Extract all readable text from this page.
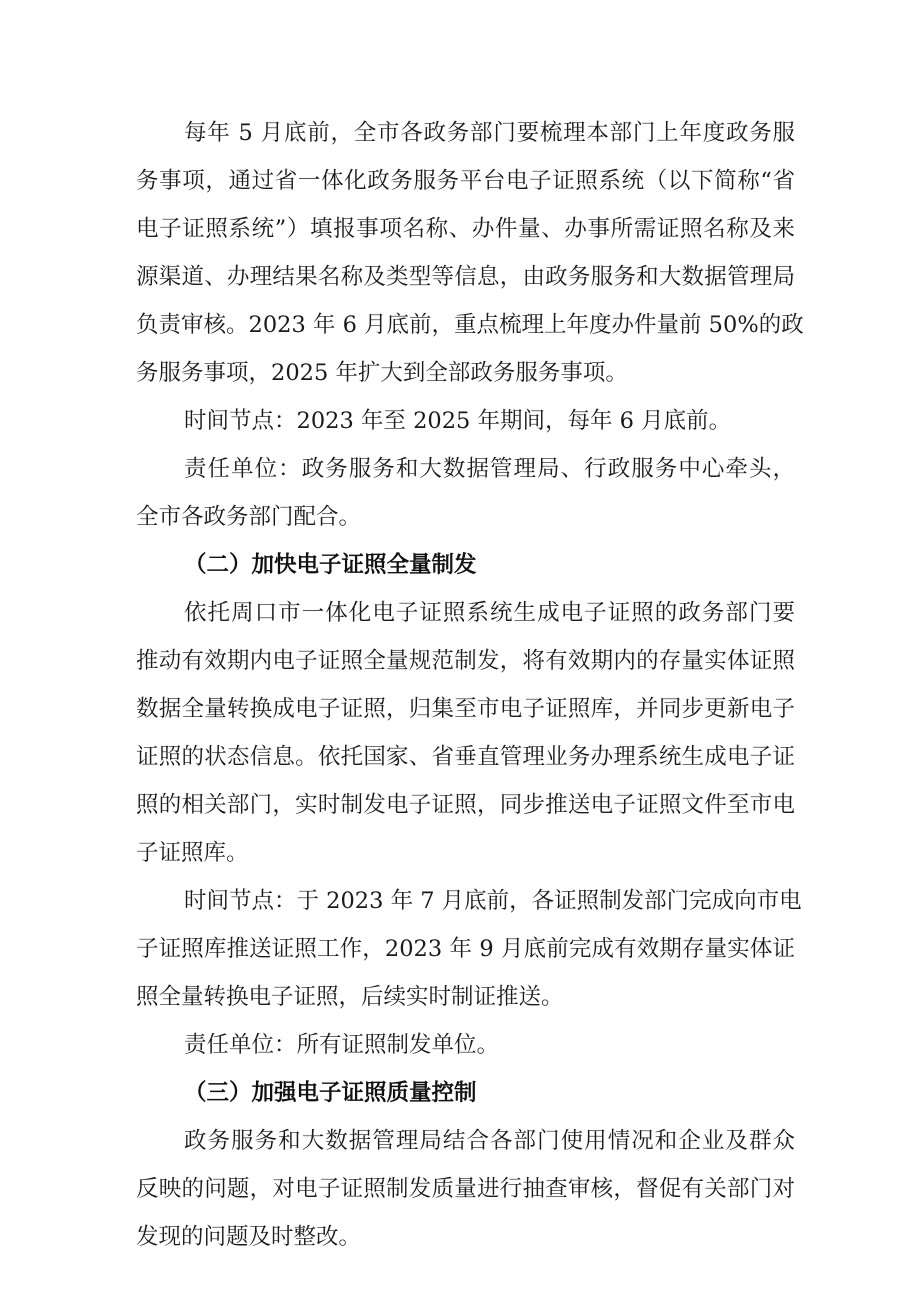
每年 5 月底前，全市各政务部门要梳理本部门上年度政务服
务事项，通过省一体化政务服务平台电子证照系统（以下简称“省
电子证照系统”）填报事项名称、办件量、办事所需证照名称及来
源渠道、办理结果名称及类型等信息，由政务服务和大数据管理局
负责审核。2023 年 6 月底前，重点梳理上年度办件量前 50%的政
务服务事项，2025 年扩大到全部政务服务事项。
时间节点：2023 年至 2025 年期间，每年 6 月底前。
责任单位：政务服务和大数据管理局、行政服务中心牵头，
全市各政务部门配合。
（二）加快电子证照全量制发
依托周口市一体化电子证照系统生成电子证照的政务部门要
推动有效期内电子证照全量规范制发，将有效期内的存量实体证照
数据全量转换成电子证照，归集至市电子证照库，并同步更新电子
证照的状态信息。依托国家、省垂直管理业务办理系统生成电子证
照的相关部门，实时制发电子证照，同步推送电子证照文件至市电
子证照库。
时间节点：于 2023 年 7 月底前，各证照制发部门完成向市电
子证照库推送证照工作，2023 年 9 月底前完成有效期存量实体证
照全量转换电子证照，后续实时制证推送。
责任单位：所有证照制发单位。
（三）加强电子证照质量控制
政务服务和大数据管理局结合各部门使用情况和企业及群众
反映的问题，对电子证照制发质量进行抽查审核，督促有关部门对
发现的问题及时整改。
